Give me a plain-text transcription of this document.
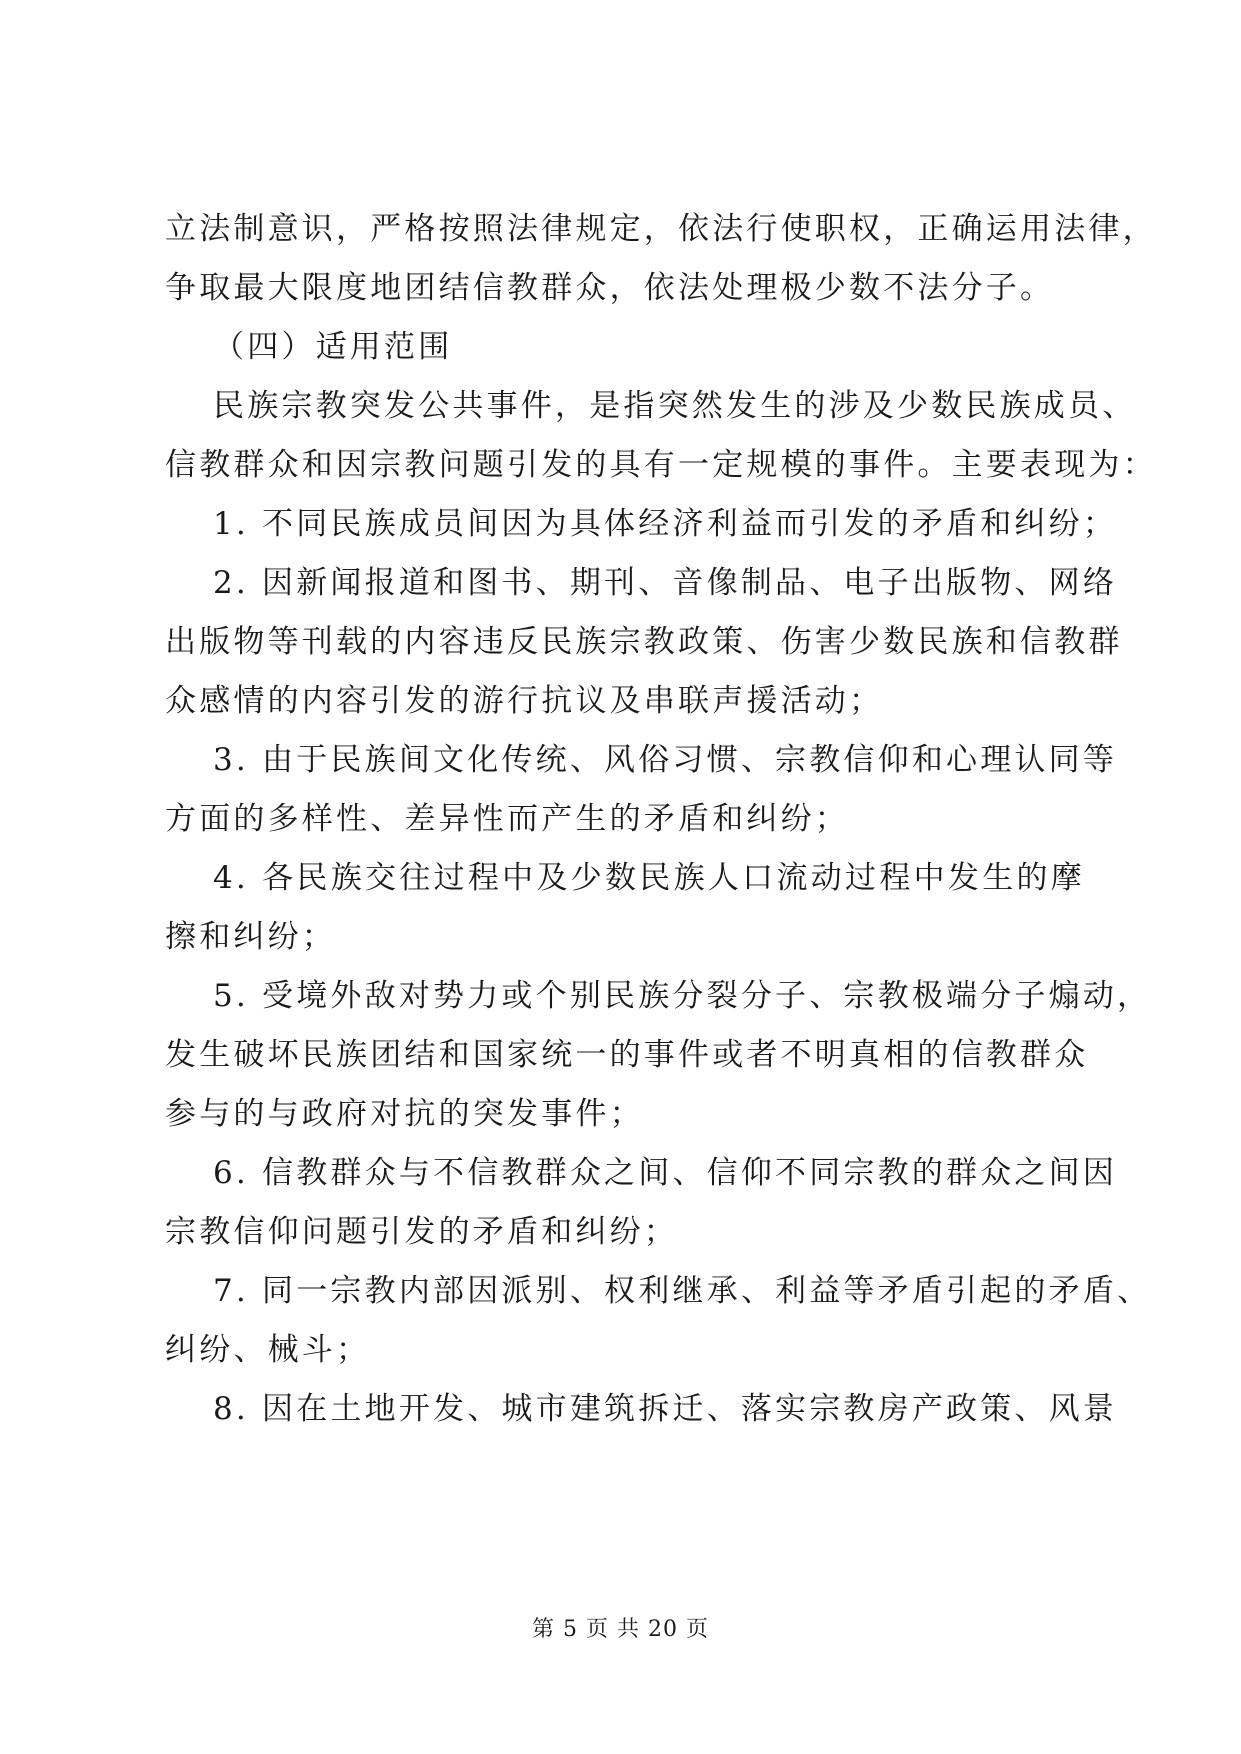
立法制意识，严格按照法律规定，依法行使职权，正确运用法律，
争取最大限度地团结信教群众，依法处理极少数不法分子。
（四）适用范围
民族宗教突发公共事件，是指突然发生的涉及少数民族成员、
信教群众和因宗教问题引发的具有一定规模的事件。主要表现为：
1. 不同民族成员间因为具体经济利益而引发的矛盾和纠纷；
2. 因新闻报道和图书、期刊、音像制品、电子出版物、网络
出版物等刊载的内容违反民族宗教政策、伤害少数民族和信教群
众感情的内容引发的游行抗议及串联声援活动；
3. 由于民族间文化传统、风俗习惯、宗教信仰和心理认同等
方面的多样性、差异性而产生的矛盾和纠纷；
4. 各民族交往过程中及少数民族人口流动过程中发生的摩
擦和纠纷；
5. 受境外敌对势力或个别民族分裂分子、宗教极端分子煽动，
发生破坏民族团结和国家统一的事件或者不明真相的信教群众
参与的与政府对抗的突发事件；
6. 信教群众与不信教群众之间、信仰不同宗教的群众之间因
宗教信仰问题引发的矛盾和纠纷；
7. 同一宗教内部因派别、权利继承、利益等矛盾引起的矛盾、
纠纷、械斗；
8. 因在土地开发、城市建筑拆迁、落实宗教房产政策、风景
第 5 页 共 20 页
